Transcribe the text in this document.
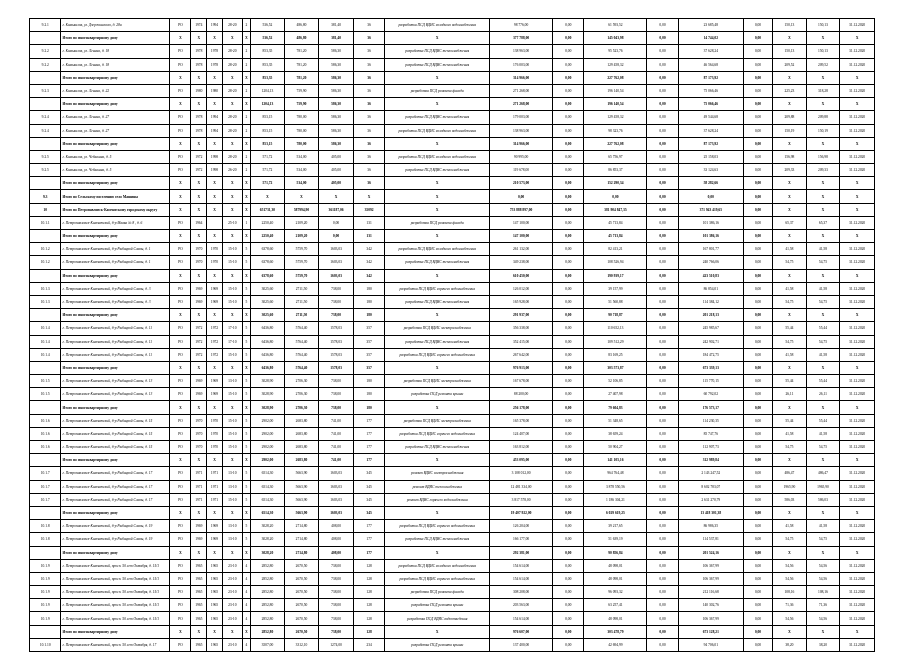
9.2.1	г. Камышлов, ул. Дзержинского, д. 28а	РО	1974	1994	28-20	2	536,52	486,80	381,40	36	разработка ПСД ВДИС холодного водоснабжения	98 776,00	0,00	61 593,52	0,00	23 685,48	0,00	150,13	150,13	31.12.2020
	Итого по многоквартирному дому	X	X	X	X	X	536,52	486,80	381,40	36	X	377 788,00	0,00	145 043,98	0,00	14 744,02	0,00	X	X	X
9.2.2	г. Камышлов, ул. Ленина, д. 18	РО	1978	1978	28-20	2	853,35	781,20	586,30	36	разработка ПСД ВДИС теплоснабжения	138 963,00	0,00	95 523,76	0,00	37 628,24	0,00	150,13	150,13	31.12.2020
9.2.2	г. Камышлов, ул. Ленина, д. 18	РО	1978	1978	28-20	2	853,35	781,20	586,30	36	разработка ПСД ВДИС теплоснабжения	176 003,00	0,00	129 458,32	0,00	46 564,68	0,00	209,52	209,52	31.12.2020
	Итого по многоквартирному дому	X	X	X	X	X	853,35	781,20	586,30	36	X	314 966,00	0,00	227 762,08	0,00	87 173,92	0,00	X	X	X
9.2.3	г. Камышлов, ул. Ленина, д. 22	РО	1980	1980	28-20	2	1204,13	759,90	586,30	36	разработка ПСД ремонта фасада	271 268,00	0,00	196 140,54	0,00	75 066,46	0,00	225,23	318,28	31.12.2020
	Итого по многоквартирному дому	X	X	X	X	X	1204,13	759,90	586,30	36	X	271 268,00	0,00	196 140,54	0,00	75 066,46	0,00	X	X	X
9.2.4	г. Камышлов, ул. Ленина, д. 27	РО	1978	1994	28-20	2	853,15	780,00	586,30	36	разработка ПСД ВДИС теплоснабжения	179 003,00	0,00	129 458,32	0,00	49 544,68	0,00	209,88	209,88	31.12.2020
9.2.4	г. Камышлов, ул. Ленина, д. 27	РО	1978	1994	28-20	2	853,15	780,00	586,30	36	разработка ПСД ВДИС холодного водоснабжения	138 963,00	0,00	98 323,76	0,00	37 628,24	0,00	150,19	150,19	31.12.2020
	Итого по многоквартирному дому	X	X	X	X	X	853,15	780,00	586,30	36	X	314 966,00	0,00	227 762,08	0,00	87 173,92	0,00	X	X	X
9.2.5	г. Камышлов, ул. Чебыкина, д. 5	РО	1972	1998	28-20	2	571,72	534,00	405,00	36	разработка ПСД ВДИС холодного водоснабжения	90 995,00	0,00	65 756,97	0,00	25 158,03	0,00	156,98	156,98	31.12.2020
9.2.5	г. Камышлов, ул. Чебыкина, д. 5	РО	1972	1998	26-20	2	571,72	534,00	405,00	36	разработка ПСД ВДИС теплоснабжения	119 678,00	0,00	86 853,37	0,00	33 124,63	0,00	209,33	209,33	31.12.2020
	Итого по многоквартирному дому	X	X	X	X	X	571,72	534,00	405,00	36	X	210 573,00	0,00	152 290,34	0,00	58 282,66	0,00	X	X	X
9.3	Итого по Сельскому поселению село Машины	X	X	X	X	X	X	X	X	X	X	0,00	0,00	0,00	0,00	0,00	0,00	X	X	X
10	Итого по Петропавловск-Камчатскому городскому округу	X	X	X	X	X	651731,30	587994,90	361187,06	35092	X	753 888 897,00	0,00	381 904 847,35	0,00	371 943 419,65	0,00	X	X	X
10.1.1	г. Петропавловск-Камчатский, б-р Маяка № 8 , д. 6	РО	1964		25-10	1	2250,40	2109,20	0,00	131	разработка ПСД ремонта фасада	147 100,00	0,00	45 713,84	0,00	101 386,16	0,00	65,37	65,37	31.12.2020
	Итого по многоквартирному дому	X	X	X	X	X	2250,40	2109,20	0,00	131	X	147 100,00	0,00	45 713,84	0,00	101 386,16	0,00	X	X	X
10.1.2	г. Петропавловск-Камчатский, б-р Рыбацкой Славы, д. 1	РО	1970	1970	15-10	5	6378,60	5759,70	1603,03	342	разработка ПСД ВДИС холодного водоснабжения	261 132,00	0,00	82 413,21	0,00	167 801,77	0,00	41,58	41,58	31.12.2020
10.1.2	г. Петропавловск-Камчатский, б-р Рыбацкой Славы, д. 1	РО	1970	1970	15-10	5	6378,60	5759,70	1603,03	342	разработка ПСД ВДИС теплоснабжения	349 238,00	0,00	108 526,94	0,00	240 766,06	0,00	54,75	54,75	31.12.2020
	Итого по многоквартирному дому	X	X	X	X	X	6378,60	5759,70	1603,03	342	X	610 450,00	0,00	190 939,17	0,00	423 510,83	0,00	X	X	X
10.1.3	г. Петропавловск-Камчатский, б-р Рыбацкой Славы, д. 3	РО	1969	1969	15-10	5	3025,60	2711,50	738,00	180	разработка ПСД ВДИС горячего водоснабжения	126 012,00	0,00	39 157,99	0,00	86 854,01	0,00	41,58	41,58	31.12.2020
10.1.3	г. Петропавловск-Камчатский, б-р Рыбацкой Славы, д. 3	РО	1969	1969	15-10	5	3025,60	2711,50	738,00	180	разработка ПСД ВДИС теплоснабжения	165 928,00	0,00	51 560,88	0,00	114 384,12	0,00	54,75	54,75	31.12.2020
	Итого по многоквартирному дому	X	X	X	X	X	3025,60	2711,50	738,00	180	X	291 937,00	0,00	90 718,87	0,00	201 218,13	0,00	X	X	X
10.1.4	г. Петропавловск-Камчатский, б-р Рыбацкой Славы, д. 11	РО	1972	1972	17-10	5	6436,80	5764,40	1578,03	357	разработка ПСД ВДИС электроснабжения	356 338,00	0,00	110 652,13	0,00	245 985,67	0,00	55,44	55,44	31.12.2020
10.1.4	г. Петропавловск-Камчатский, б-р Рыбацкой Славы, д. 11	РО	1972	1972	17-10	5	6436,80	5764,40	1578,03	357	разработка ПСД ВДИС теплоснабжения	352 415,00	0,00	109 512,29	0,00	242 902,71	0,00	54,75	54,75	31.12.2020
10.1.4	г. Петропавловск-Камчатский, б-р Рыбацкой Славы, д. 11	РО	1972	1972	15-10	5	6436,80	5764,40	1578,03	357	разработка ПСД ВДИС горячего водоснабжения	267 642,00	0,00	83 169,25	0,00	184 472,75	0,00	41,58	41,58	31.12.2020
	Итого по многоквартирному дому	X	X	X	X	X	6436,80	5764,40	1578,03	357	X	976 913,00	0,00	303 573,87	0,00	673 339,13	0,00	X	X	X
10.1.5	г. Петропавловск-Камчатский, б-р Рыбацкой Славы, д. 13	РО	1969	1969	13-10	5	3028,90	2706,30	738,00	180	разработка ПСД ВДИС электроснабжения	167 678,00	0,00	52 106,85	0,00	115 770,15	0,00	55,44	55,44	31.12.2020
10.1.5	г. Петропавловск-Камчатский, б-р Рыбацкой Славы, д. 13	РО	1969	1969	15-10	5	3028,90	2706,30	738,00	180	разработка ПСД ремонта крыши	88 200,00	0,00	27 407,98	0,00	60 792,02	0,00	26,11	26,11	31.12.2020
	Итого по многоквартирному дому	X	X	X	X	X	3028,90	2706,30	738,00	180	X	256 178,00	0,00	79 604,83	0,00	176 573,17	0,00	X	X	X
10.1.6	г. Петропавловск-Камчатский, б-р Рыбацкой Славы, д. 15	РО	1970	1970	15-10	5	2902,00	2683,80	741,00	177	разработка ПСД ВДИС электроснабжения	165 378,00	0,00	51 348,65	0,00	114 230,35	0,00	55,44	55,44	31.12.2020
10.1.6	г. Петропавловск-Камчатский, б-р Рыбацкой Славы, д. 15	РО	1970	1970	15-10	5	2902,00	2683,80	741,00	177	разработка ПСД ВДИС горячего водоснабжения	124 407,00	0,00	38 659,24	0,00	85 747,76	0,00	41,58	41,58	31.12.2020
10.1.6	г. Петропавловск-Камчатский, б-р Рыбацкой Славы, д. 15	РО	1970	1970	15-10	5	2902,00	2683,80	741,00	177	разработка ПСД ВДИС теплоснабжения	163 812,00	0,00	50 904,27	0,00	112 907,73	0,00	54,75	54,75	31.12.2020
	Итого по многоквартирному дому	X	X	X	X	X	2902,00	2683,80	741,00	177	X	453 095,00	0,00	141 105,16	0,00	312 989,84	0,00	X	X	X
10.1.7	г. Петропавловск-Камчатский, б-р Рыбацкой Славы, д. 17	РО	1971	1971	13-10	5	6514,30	5663,90	1603,03	345	ремонт ВДИС электроснабжения	3 108 012,00	0,00	964 764,48	0,00	2 143 247,52	0,00	486,47	486,47	31.12.2020
10.1.7	г. Петропавловск-Камчатский, б-р Рыбацкой Славы, д. 17	РО	1971	1971	13-10	5	6514,30	5663,90	1603,03	345	ремонт ВДИС теплоснабжения	12 481 334,00	0,00	3 878 550,56	0,00	8 602 783,07	0,00	1965,90	1965,90	31.12.2020
10.1.7	г. Петропавловск-Камчатский, б-р Рыбацкой Славы, д. 17	РО	1971	1971	15-10	5	6514,30	5663,90	1603,03	345	ремонт ВДИС горячего водоснабжения	3 817 578,00	0,00	1 186 304,21	0,00	2 631 270,79	0,00	586,03	586,03	31.12.2020
	Итого по многоквартирному дому	X	X	X	X	X	6514,30	5663,90	1603,03	345	X	19 407 922,00	0,00	6 029 619,25	0,00	13 418 301,38	0,00	X	X	X
10.1.8	г. Петропавловск-Камчатский, б-р Рыбацкой Славы, д. 19	РО	1969	1969	13-10	5	3028,20	2714,80	408,00	177	разработка ПСД ВДИС горячего водоснабжения	126 204,00	0,00	39 217,65	0,00	86 986,35	0,00	41,58	41,58	31.12.2020
10.1.8	г. Петропавловск-Камчатский, б-р Рыбацкой Славы, д. 19	РО	1969	1969	13-10	5	3028,20	2714,80	408,00	177	разработка ПСД ВДИС теплоснабжения	166 177,00	0,00	51 639,19	0,00	114 537,81	0,00	54,75	54,75	31.12.2020
	Итого по многоквартирному дому	X	X	X	X	X	3028,20	2714,80	408,00	177	X	292 381,00	0,00	90 856,84	0,00	201 524,16	0,00	X	X	X
10.1.9	г. Петропавловск-Камчатский, просп. 50 лет Октября, д. 15/1	РО	1965	1965	23-10	4	2852,80	2670,50	738,00	128	разработка ПСД ВДИС холодного водоснабжения	154 614,00	0,00	48 098,01	0,00	106 367,99	0,00	54,56	54,56	31.12.2020
10.1.9	г. Петропавловск-Камчатский, просп. 50 лет Октября, д. 15/1	РО	1965	1965	23-10	4	2852,80	2670,50	738,00	128	разработка ПСД ВДИС горячего водоснабжения	154 614,00	0,00	48 098,01	0,00	106 367,99	0,00	54,56	54,56	31.12.2020
10.1.9	г. Петропавловск-Камчатский, просп. 50 лет Октября, д. 15/1	РО	1965	1965	23-10	4	2852,80	2670,50	738,00	128	разработка ПСД ремонта фасада	308 208,00	0,00	96 093,32	0,00	212 116,68	0,00	108,16	108,16	31.12.2020
10.1.9	г. Петропавловск-Камчатский, просп. 50 лет Октября, д. 15/1	РО	1965	1965	23-10	4	2852,80	2670,50	738,00	128	разработка ПСД ремонта крыши	203 563,00	0,00	63 257,41	0,00	140 302,76	0,00	71,36	71,36	31.12.2020
10.1.9	г. Петропавловск-Камчатский, просп. 50 лет Октября, д. 15/1	РО	1965	1965	23-10	4	2852,80	2670,50	738,00	128	разработка ПСД ВДИС водоотведения	154 614,00	0,00	48 098,01	0,00	106 367,99	0,00	54,56	54,56	31.12.2020
	Итого по многоквартирному дому	X	X	X	X	X	2852,80	2670,50	738,00	128	X	976 607,00	0,00	303 478,79	0,00	673 128,21	0,00	X	X	X
10.1.10	г. Петропавловск-Камчатский, просп. 50 лет Октября, д. 17	РО	1965	1965	23-10	4	3507,00	3312,10	1274,00	234	разработка ПСД ремонта крыши	137 400,00	0,00	42 694,99	0,00	94 706,01	0,00	38,20	38,20	31.12.2020
